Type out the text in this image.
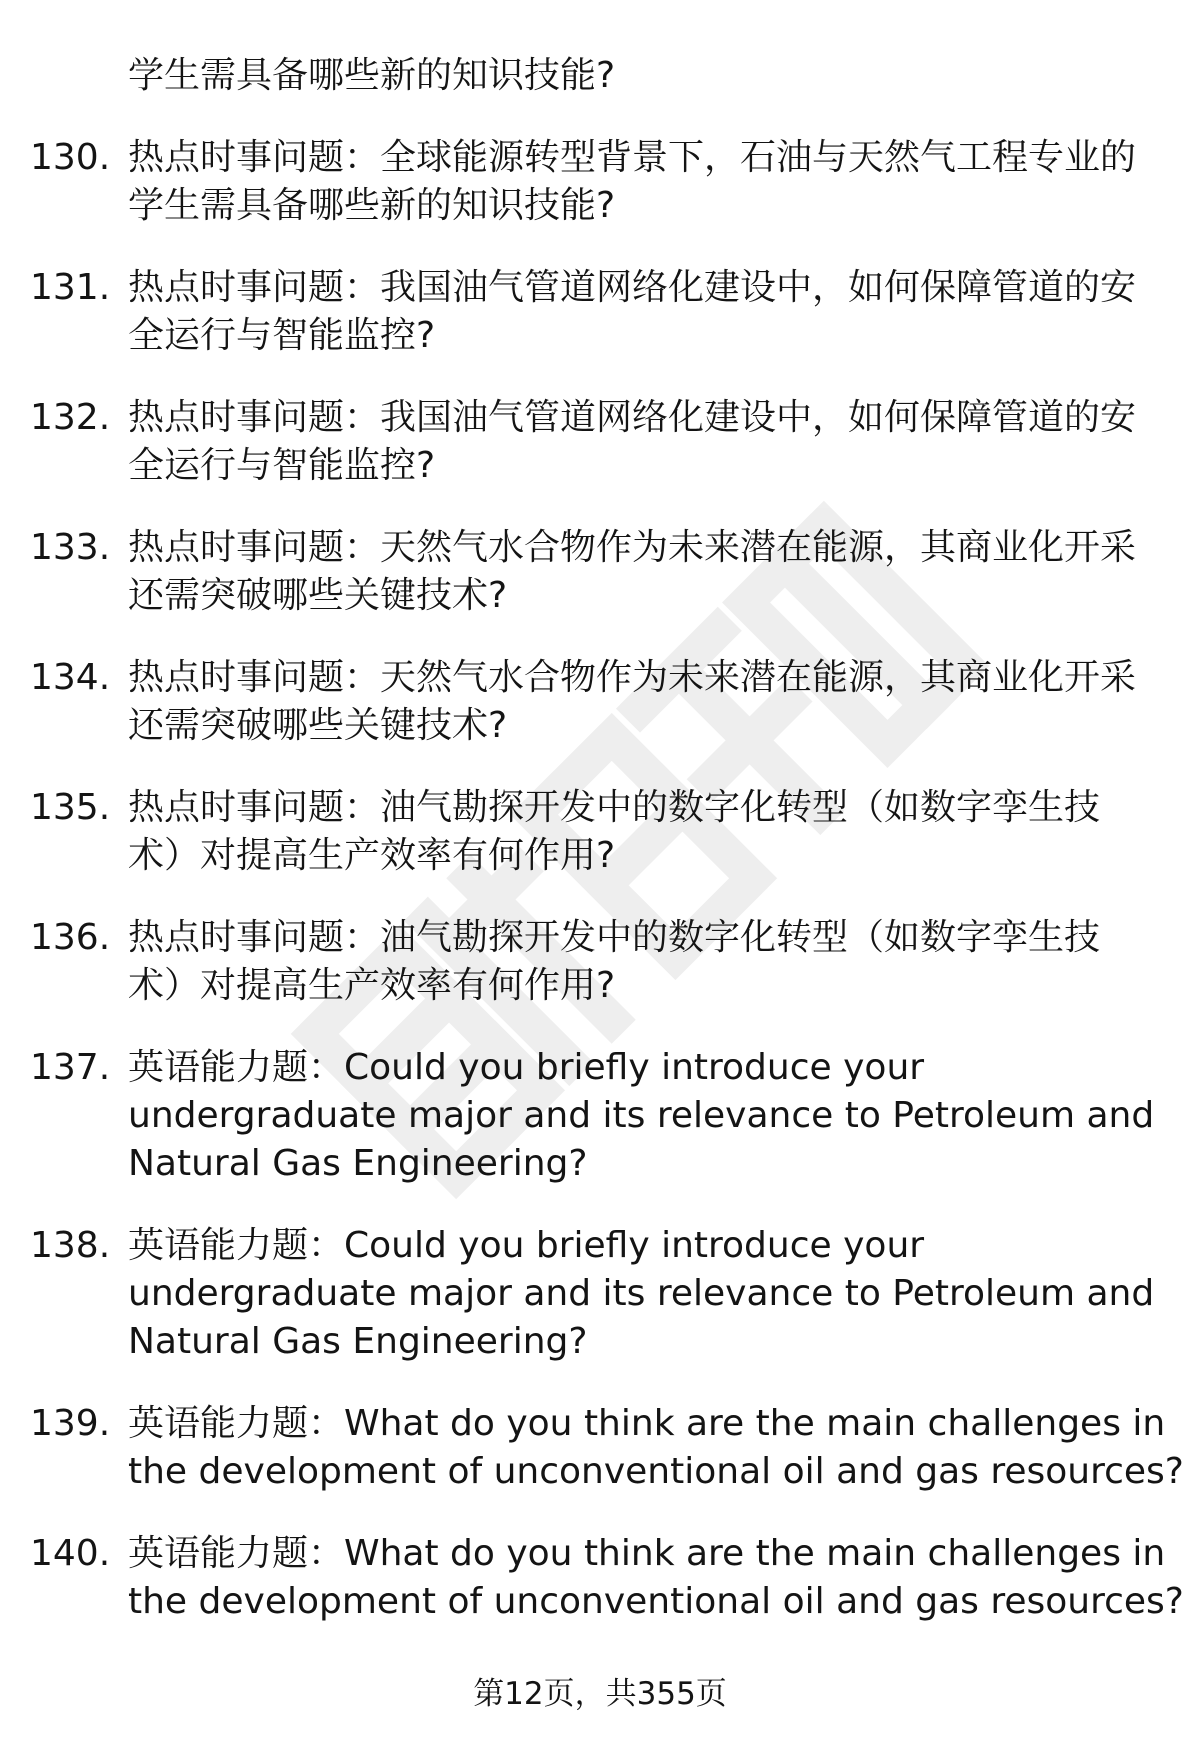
学生需具备哪些新的知识技能?
130. 热点时事问题：全球能源转型背景下，石油与天然气工程专业的
学生需具备哪些新的知识技能?
131. 热点时事问题：我国油气管道网络化建设中，如何保障管道的安
全运行与智能监控?
132. 热点时事问题：我国油气管道网络化建设中，如何保障管道的安
全运行与智能监控?
133. 热点时事问题：天然气水合物作为未来潜在能源，其商业化开采
还需突破哪些关键技术?
134. 热点时事问题：天然气水合物作为未来潜在能源，其商业化开采
还需突破哪些关键技术?
135. 热点时事问题：油气勘探开发中的数字化转型（如数字孪生技
术）对提高生产效率有何作用?
136. 热点时事问题：油气勘探开发中的数字化转型（如数字孪生技
术）对提高生产效率有何作用?
137. 英语能力题：Could you briefly introduce your
undergraduate major and its relevance to Petroleum and
Natural Gas Engineering?
138. 英语能力题：Could you briefly introduce your
undergraduate major and its relevance to Petroleum and
Natural Gas Engineering?
139. 英语能力题：What do you think are the main challenges in
the development of unconventional oil and gas resources?
140. 英语能力题：What do you think are the main challenges in
the development of unconventional oil and gas resources?
第12页，共355页
